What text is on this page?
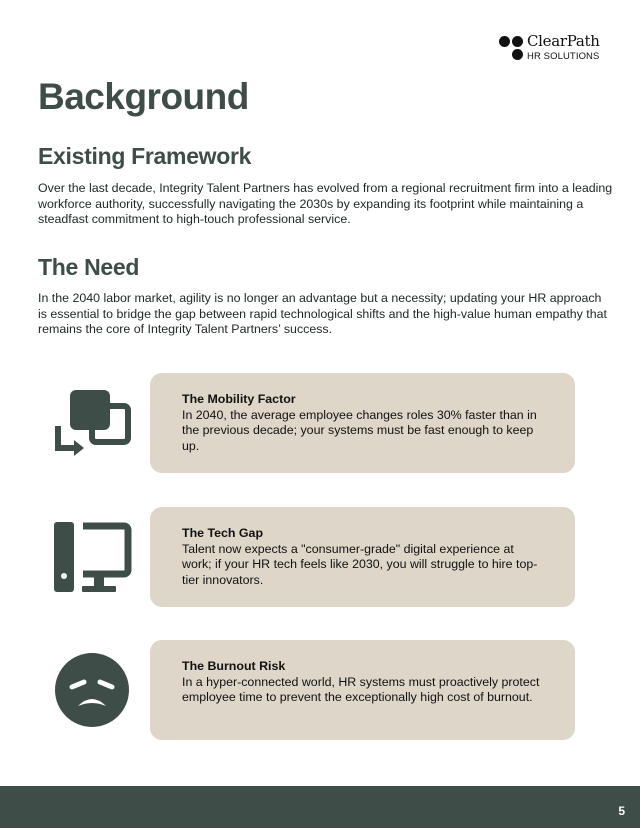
ClearPath
HR SOLUTIONS
Background
Existing Framework

Over the last decade, Integrity Talent Partners has evolved from a regional recruitment firm into a leading workforce authority, successfully navigating the 2030s by expanding its footprint while maintaining a steadfast commitment to high-touch professional service.

The Need

In the 2040 labor market, agility is no longer an advantage but a necessity; updating your HR approach is essential to bridge the gap between rapid technological shifts and the high-value human empathy that remains the core of Integrity Talent Partners’ success.

The Mobility Factor
In 2040, the average employee changes roles 30% faster than in the previous decade; your systems must be fast enough to keep up.
The Tech Gap
Talent now expects a "consumer-grade" digital experience at work; if your HR tech feels like 2030, you will struggle to hire top-tier innovators.
The Burnout Risk
In a hyper-connected world, HR systems must proactively protect employee time to prevent the exceptionally high cost of burnout.
5
